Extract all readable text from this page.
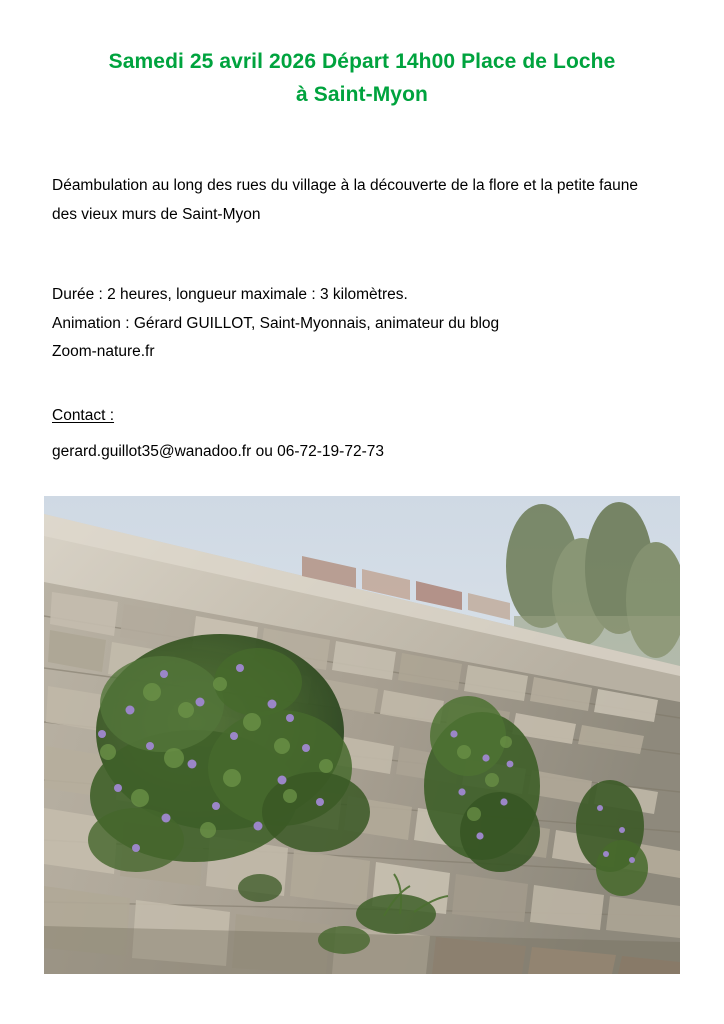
Samedi 25 avril 2026 Départ 14h00 Place de Loche
à Saint-Myon
Déambulation au long des rues du village à la découverte de la flore et la petite faune des vieux murs de Saint-Myon
Durée : 2 heures, longueur maximale : 3 kilomètres.
Animation : Gérard GUILLOT, Saint-Myonnais, animateur du blog
Zoom-nature.fr
Contact :
gerard.guillot35@wanadoo.fr ou 06-72-19-72-73
